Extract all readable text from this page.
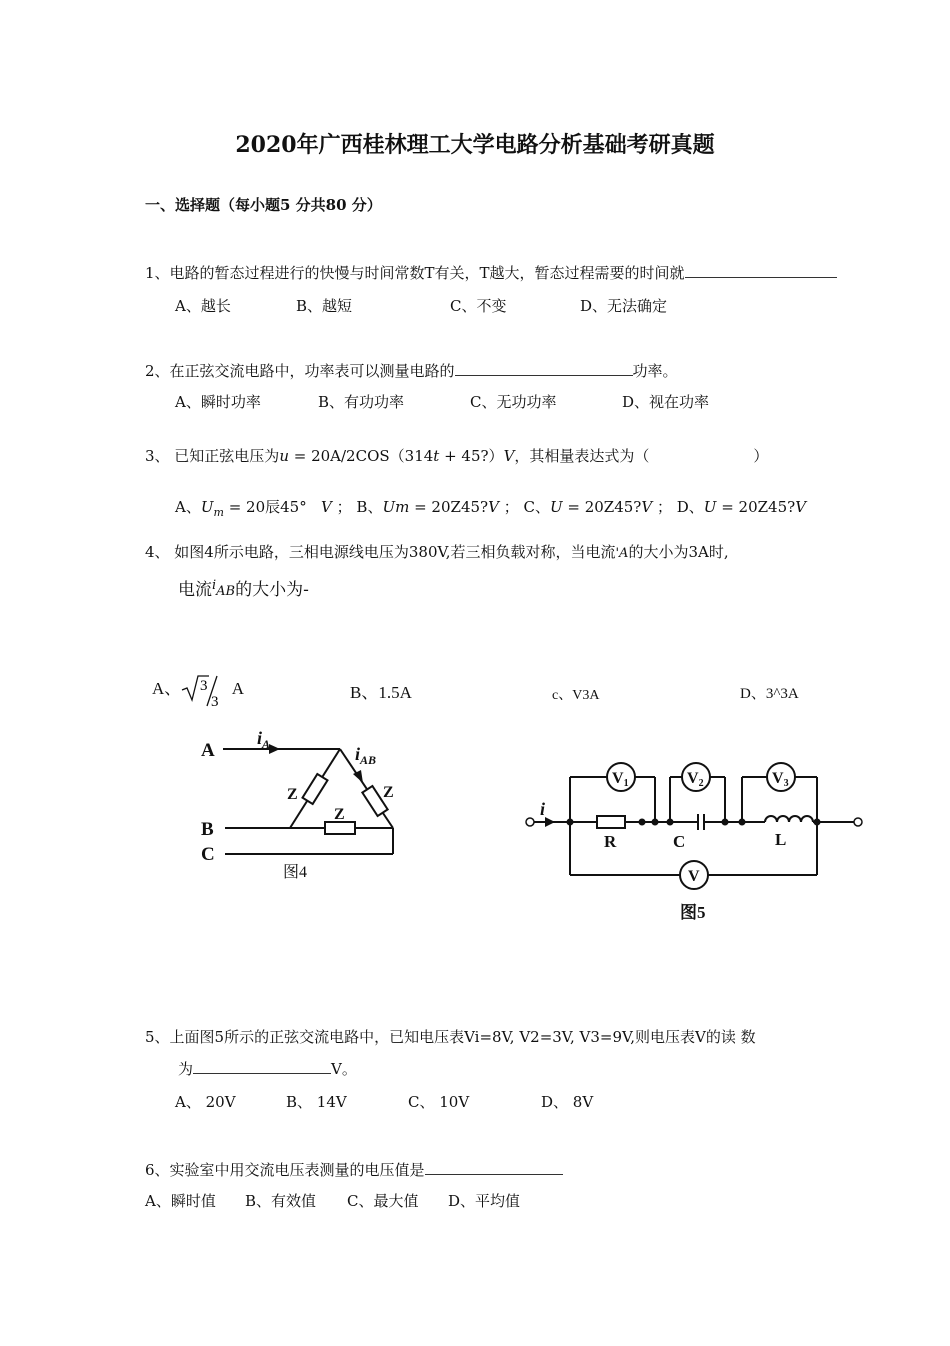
2020年广西桂林理工大学电路分析基础考研真题
一、选择题（每小题5 分共80 分）
1、电路的暂态过程进行的快慢与时间常数T有关，T越大，暂态过程需要的时间就
A、越长	B、越短	C、不变	D、无法确定
2、在正弦交流电路中，功率表可以测量电路的	功率。
A、瞬时功率	B、有功功率	C、无功功率	D、视在功率
3、 已知正弦电压为u = 20A/2COS（314t + 45?）V，其相量表达式为（	）
A、$U_m = 20$辰45° V ； B、Um = 20Z45?V ； C、U = 20Z45?V ； D、U = 20Z45?V
4、 如图4所示电路，三相电源线电压为380V,若三相负载对称，当电流'A的大小为3A时,
电流$^i$AB的大小为-
A、 3
3
A	B、1.5A	c、V3A	D、3^3A
A
B
C
$i_A$	$i_{AB}$
Z	Z
Z
图4
V1	V2	V3
V
R	C	L
i
图5
5、上面图5所示的正弦交流电路中，已知电压表Vi=8V, V2=3V, V3=9V,则电压表V的读 数
为	V。
A、 20V	B、 14V	C、 10V	D、 8V
6、实验室中用交流电压表测量的电压值是
A、瞬时值 B、有效值 C、最大值 D、平均值
